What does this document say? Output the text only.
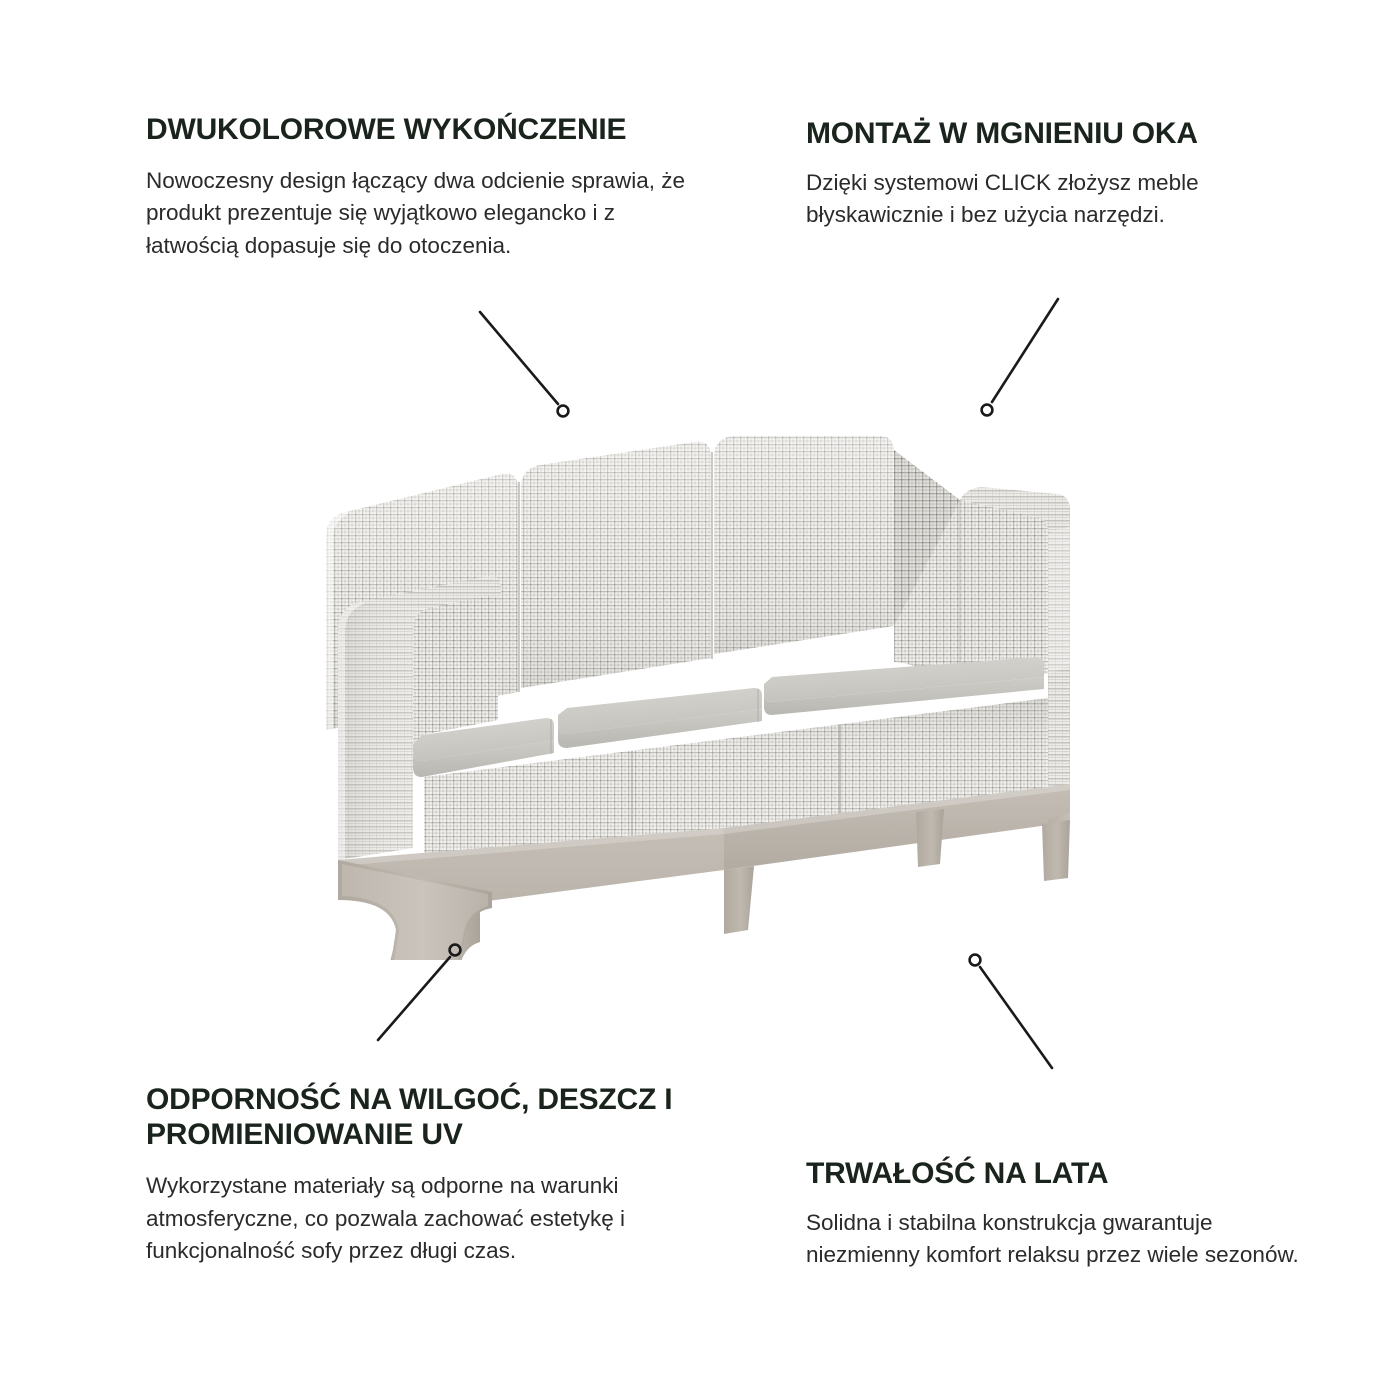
DWUKOLOROWE WYKOŃCZENIE

Nowoczesny design łączący dwa odcienie sprawia, że produkt prezentuje się wyjątkowo elegancko i z łatwością dopasuje się do otoczenia.

MONTAŻ W MGNIENIU OKA

Dzięki systemowi CLICK złożysz meble błyskawicznie i bez użycia narzędzi.

ODPORNOŚĆ NA WILGOĆ, DESZCZ I PROMIENIOWANIE UV

Wykorzystane materiały są odporne na warunki atmosferyczne, co pozwala zachować estetykę i funkcjonalność sofy przez długi czas.

TRWAŁOŚĆ NA LATA

Solidna i stabilna konstrukcja gwarantuje niezmienny komfort relaksu przez wiele sezonów.
